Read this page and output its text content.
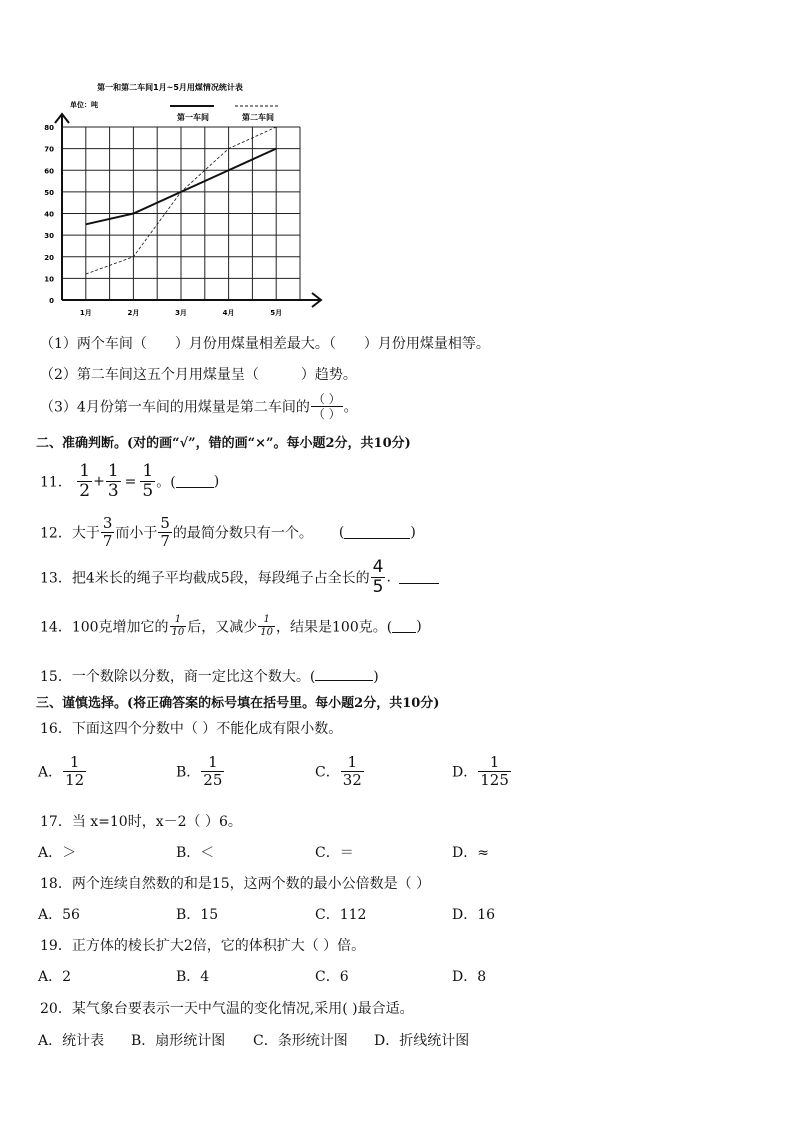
第一和第二车间1月~5月用煤情况统计表
单位：吨
第一车间	第二车间
0
10
20
30
40
50
60
70
80
1月	2月	3月	4月	5月
（1）两个车间（ ）月份用煤量相差最大。（ ）月份用煤量相等。
（2）第二车间这五个月用煤量呈（	）趋势。
（3）4月份第一车间的用煤量是第二车间的 $\frac{( )}{( )}$ 。
二、准确判断。(对的画“√”，错的画“×”。每小题2分，共10分)
11． $\frac{1}{2} + \frac{1}{3} = \frac{1}{5}$ 。(	)
12．大于 $\frac{3}{7}$ 而小于 $\frac{5}{7}$ 的最简分数只有一个。 (	)
13．把4米长的绳子平均截成5段，每段绳子占全长的 $\frac{4}{5}$ .
14．100克增加它的 $\frac{1}{10}$ 后，又减少 $\frac{1}{10}$ ，结果是100克。( )
15．一个数除以分数，商一定比这个数大。(	)
三、谨慎选择。(将正确答案的标号填在括号里。每小题2分，共10分)
16．下面这四个分数中（ ）不能化成有限小数。
A． $\frac{1}{12}$	B． $\frac{1}{25}$	C． $\frac{1}{32}$	D． $\frac{1}{125}$
17．当 x=10时，x－2（ ）6。
A．＞	B．＜	C．＝	D．≈
18．两个连续自然数的和是15，这两个数的最小公倍数是（ ）
A．56	B．15	C．112	D．16
19．正方体的棱长扩大2倍，它的体积扩大（ ）倍。
A．2	B．4	C．6	D．8
20．某气象台要表示一天中气温的变化情况,采用( )最合适。
A．统计表 B．扇形统计图 C．条形统计图 D．折线统计图
